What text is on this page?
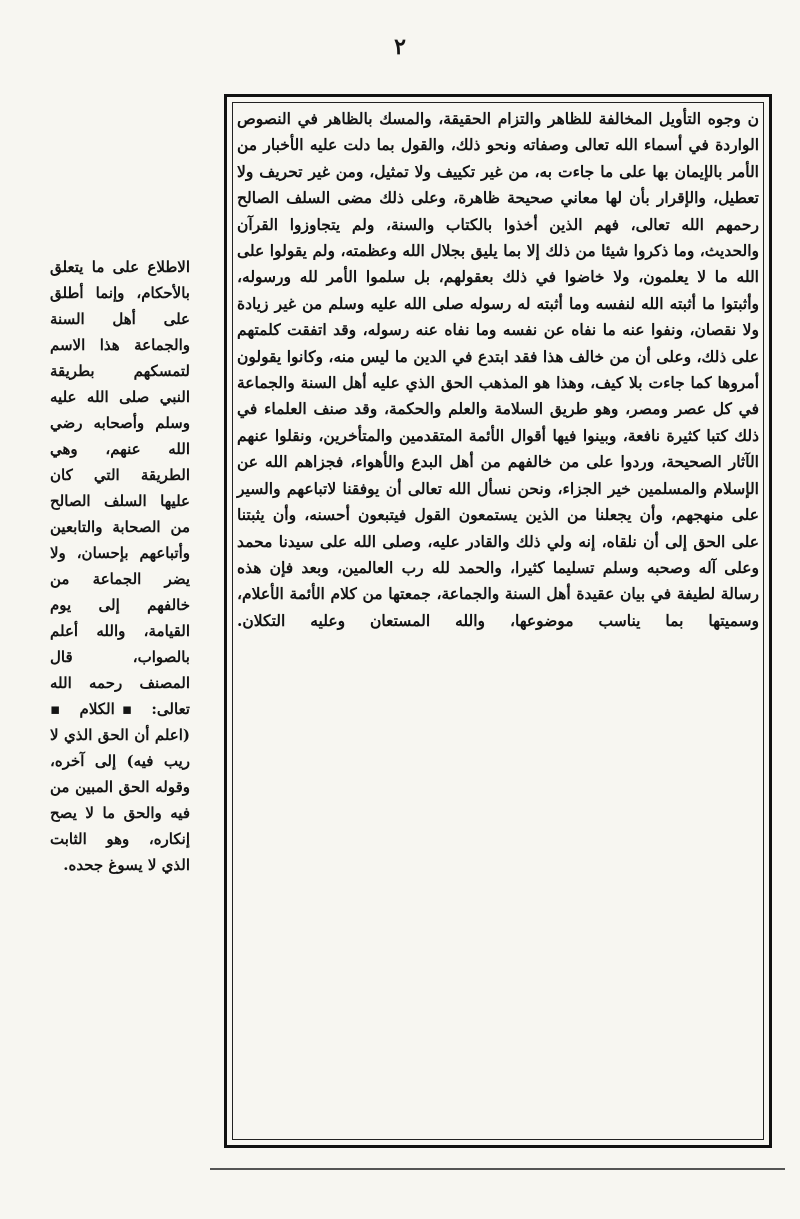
٢
الاطلاع على ما يتعلق بالأحكام، وإنما أطلق على أهل السنة والجماعة هذا الاسم لتمسكهم بطريقة النبي صلى الله عليه وسلم وأصحابه رضي الله عنهم، وهي الطريقة التي كان عليها السلف الصالح من الصحابة والتابعين وأتباعهم بإحسان، ولا يضر الجماعة من خالفهم إلى يوم القيامة، والله أعلم بالصواب، قال المصنف رحمه الله تعالى: ▪الكلام ▪ (اعلم أن الحق الذي لا ريب فيه) إلى آخره، وقوله الحق المبين من فيه والحق ما لا يصح إنكاره، وهو الثابت الذي لا يسوغ جحده.
ن وجوه التأويل المخالفة للظاهر والتزام الحقيقة، والمسك بالظاهر في النصوص الواردة في أسماء الله تعالى وصفاته ونحو ذلك، والقول بما دلت عليه الأخبار من الأمر بالإيمان بها على ما جاءت به، من غير تكييف ولا تمثيل، ومن غير تحريف ولا تعطيل، والإقرار بأن لها معاني صحيحة ظاهرة، وعلى ذلك مضى السلف الصالح رحمهم الله تعالى، فهم الذين أخذوا بالكتاب والسنة، ولم يتجاوزوا القرآن والحديث، وما ذكروا شيئا من ذلك إلا بما يليق بجلال الله وعظمته، ولم يقولوا على الله ما لا يعلمون، ولا خاضوا في ذلك بعقولهم، بل سلموا الأمر لله ورسوله، وأثبتوا ما أثبته الله لنفسه وما أثبته له رسوله صلى الله عليه وسلم من غير زيادة ولا نقصان، ونفوا عنه ما نفاه عن نفسه وما نفاه عنه رسوله، وقد اتفقت كلمتهم على ذلك، وعلى أن من خالف هذا فقد ابتدع في الدين ما ليس منه، وكانوا يقولون أمروها كما جاءت بلا كيف، وهذا هو المذهب الحق الذي عليه أهل السنة والجماعة في كل عصر ومصر، وهو طريق السلامة والعلم والحكمة، وقد صنف العلماء في ذلك كتبا كثيرة نافعة، وبينوا فيها أقوال الأئمة المتقدمين والمتأخرين، ونقلوا عنهم الآثار الصحيحة، وردوا على من خالفهم من أهل البدع والأهواء، فجزاهم الله عن الإسلام والمسلمين خير الجزاء، ونحن نسأل الله تعالى أن يوفقنا لاتباعهم والسير على منهجهم، وأن يجعلنا من الذين يستمعون القول فيتبعون أحسنه، وأن يثبتنا على الحق إلى أن نلقاه، إنه ولي ذلك والقادر عليه، وصلى الله على سيدنا محمد وعلى آله وصحبه وسلم تسليما كثيرا، والحمد لله رب العالمين، وبعد فإن هذه رسالة لطيفة في بيان عقيدة أهل السنة والجماعة، جمعتها من كلام الأئمة الأعلام، وسميتها بما يناسب موضوعها، والله المستعان وعليه التكلان.
